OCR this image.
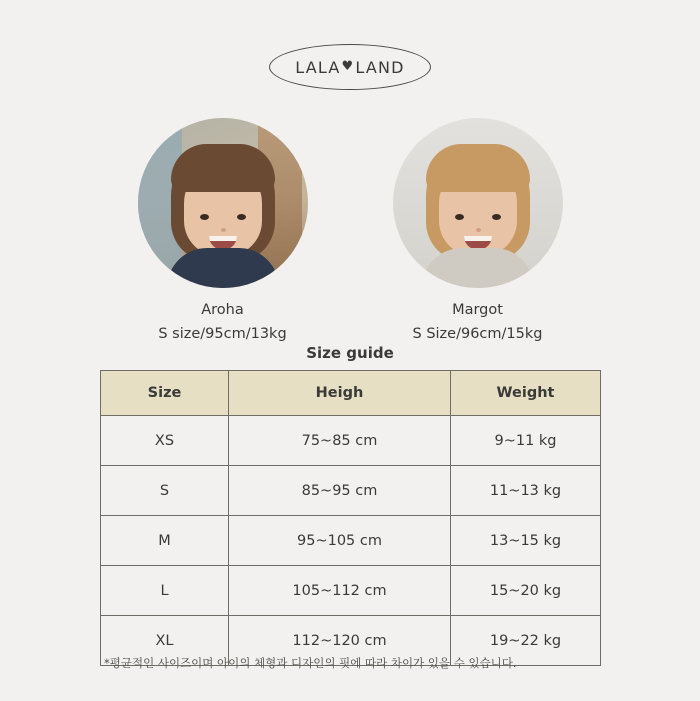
LALA ♥ LAND
Aroha
S size/95cm/13kg
Margot
S Size/96cm/15kg
Size guide
Size	Heigh	Weight
XS	75~85 cm	9~11 kg
S	85~95 cm	11~13 kg
M	95~105 cm	13~15 kg
L	105~112 cm	15~20 kg
XL	112~120 cm	19~22 kg
*평균적인 사이즈이며 아이의 체형과 디자인의 핏에 따라 차이가 있을 수 있습니다.
